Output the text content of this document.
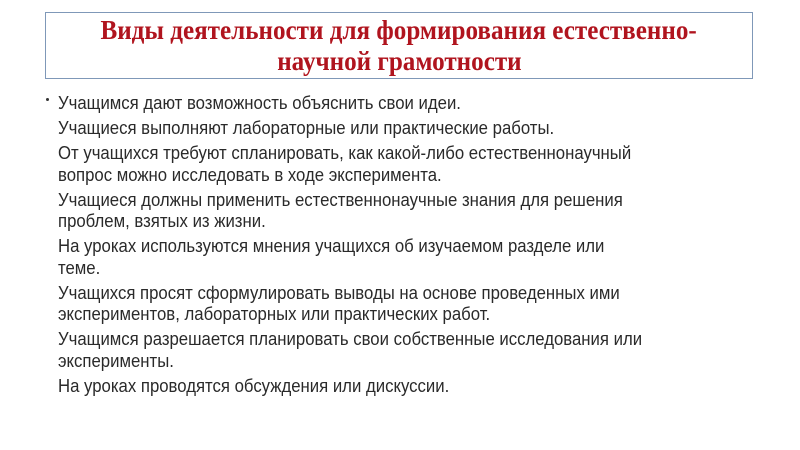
Виды деятельности для формирования естественно-
научной грамотности
Учащимся дают возможность объяснить свои идеи.
Учащиеся выполняют лабораторные или практические работы.
От учащихся требуют спланировать, как какой-либо естественнонаучный
вопрос можно исследовать в ходе эксперимента.
Учащиеся должны применить естественнонаучные знания для решения
проблем, взятых из жизни.
На уроках используются мнения учащихся об изучаемом разделе или
теме.
Учащихся просят сформулировать выводы на основе проведенных ими
экспериментов, лабораторных или практических работ.
Учащимся разрешается планировать свои собственные исследования или
эксперименты.
На уроках проводятся обсуждения или дискуссии.
